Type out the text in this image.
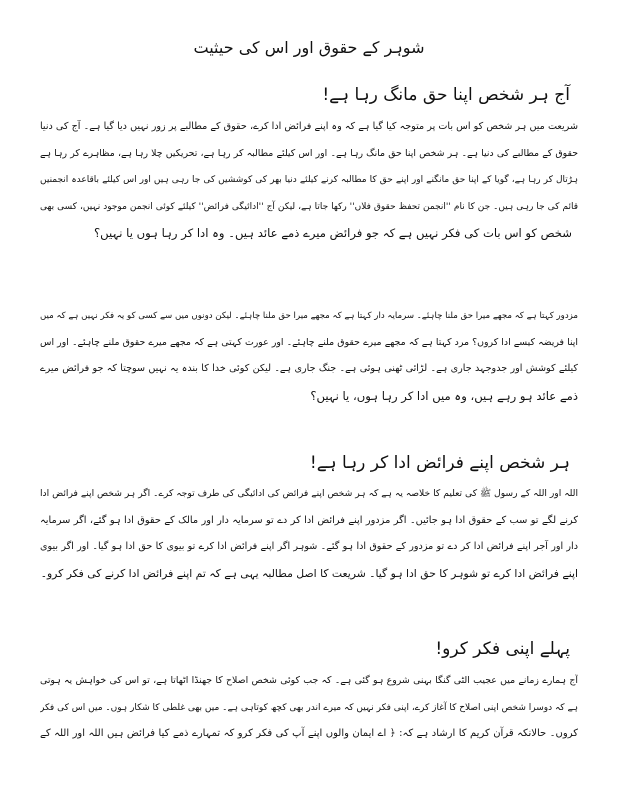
شوہر کے حقوق اور اس کی حیثیت
آج ہر شخص اپنا حق مانگ رہا ہے!
شریعت میں ہر شخص کو اس بات پر متوجہ کیا گیا ہے کہ وہ اپنے فرائض ادا کرے، حقوق کے مطالبے پر زور نہیں دیا گیا ہے۔ آج کی دنیا
حقوق کے مطالبے کی دنیا ہے۔ ہر شخص اپنا حق مانگ رہا ہے۔ اور اس کیلئے مطالبہ کر رہا ہے، تحریکیں چلا رہا ہے، مظاہرے کر رہا ہے
ہڑتال کر رہا ہے، گویا کے اپنا حق مانگنے اور اپنے حق کا مطالبہ کرنے کیلئے دنیا بھر کی کوششیں کی جا رہی ہیں اور اس کیلئے باقاعدہ انجمنیں
قائم کی جا رہی ہیں۔ جن کا نام ''انجمن تحفظ حقوق فلاں'' رکھا جاتا ہے، لیکن آج ''ادائیگی فرائض'' کیلئے کوئی انجمن موجود نہیں، کسی بھی
شخص کو اس بات کی فکر نہیں ہے کہ جو فرائض میرے ذمے عائد ہیں۔ وہ ادا کر رہا ہوں یا نہیں؟
مزدور کہتا ہے کہ مجھے میرا حق ملنا چاہئے۔ سرمایہ دار کہتا ہے کہ مجھے میرا حق ملنا چاہئے۔ لیکن دونوں میں سے کسی کو یہ فکر نہیں ہے کہ میں
اپنا فریضہ کیسے ادا کروں؟ مرد کہتا ہے کہ مجھے میرے حقوق ملنے چاہئے۔ اور عورت کہتی ہے کہ مجھے میرے حقوق ملنے چاہئے۔ اور اس
کیلئے کوشش اور جدوجہد جاری ہے۔ لڑائی ٹھنی ہوئی ہے۔ جنگ جاری ہے۔ لیکن کوئی خدا کا بندہ یہ نہیں سوچتا کہ جو فرائض میرے
ذمے عائد ہو رہے ہیں، وہ میں ادا کر رہا ہوں، یا نہیں؟
ہر شخص اپنے فرائض ادا کر رہا ہے!
اللہ اور اللہ کے رسول ﷺ کی تعلیم کا خلاصہ یہ ہے کہ ہر شخص اپنے فرائض کی ادائیگی کی طرف توجہ کرے۔ اگر ہر شخص اپنے فرائض ادا
کرنے لگے تو سب کے حقوق ادا ہو جائیں۔ اگر مزدور اپنے فرائض ادا کر دے تو سرمایہ دار اور مالک کے حقوق ادا ہو گئے، اگر سرمایہ
دار اور آجر اپنے فرائض ادا کر دے تو مزدور کے حقوق ادا ہو گئے۔ شوہر اگر اپنے فرائض ادا کرے تو بیوی کا حق ادا ہو گیا۔ اور اگر بیوی
اپنے فرائض ادا کرے تو شوہر کا حق ادا ہو گیا۔ شریعت کا اصل مطالبہ یہی ہے کہ تم اپنے فرائض ادا کرنے کی فکر کرو۔
پہلے اپنی فکر کرو!
آج ہمارے زمانے میں عجیب الٹی گنگا بہنی شروع ہو گئی ہے۔ کہ جب کوئی شخص اصلاح کا جھنڈا اٹھاتا ہے، تو اس کی خواہش یہ ہوتی
ہے کہ دوسرا شخص اپنی اصلاح کا آغاز کرے، اپنی فکر نہیں کہ میرے اندر بھی کچھ کوتاہی ہے۔ میں بھی غلطی کا شکار ہوں۔ میں اس کی فکر
کروں۔ حالانکہ قرآن کریم کا ارشاد ہے کہ: ﴿ اے ایمان والوں اپنے آپ کی فکر کرو کہ تمہارے ذمے کیا فرائض ہیں اللہ اور اللہ کے
